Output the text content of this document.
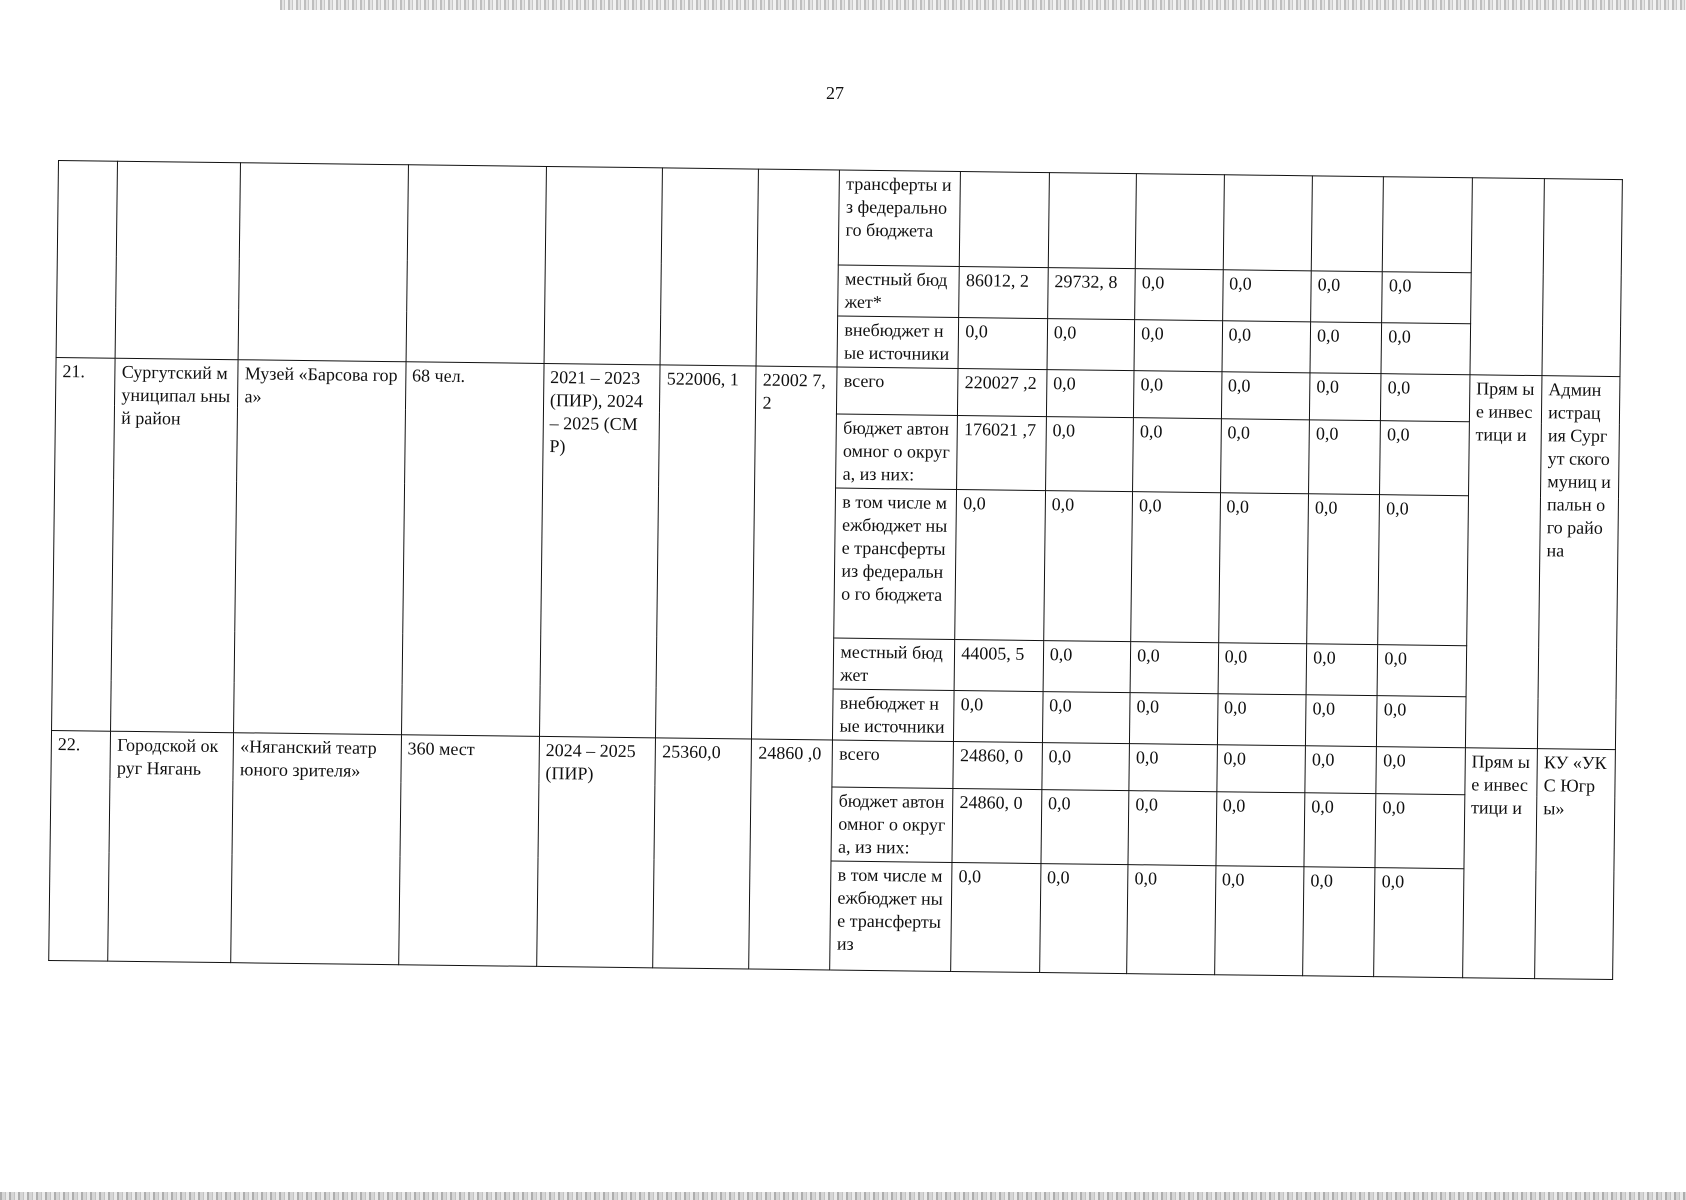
27
							трансферты из федерально го бюджета								
							местный бюджет*	86012, 2	29732, 8	0,0	0,0	0,0	0,0		
							внебюджет ные источники	0,0	0,0	0,0	0,0	0,0	0,0		
21.	Сургутский муниципал ьный район	Музей «Барсова гора»	68 чел.	2021 – 2023 (ПИР), 2024 – 2025 (СМР)	522006, 1	22002 7,2	всего	220027 ,2	0,0	0,0	0,0	0,0	0,0	Прям ые инвес тици и	Админ истрац ия Сургут ского муниц ипальн ого района
							бюджет автономног о округа, из них:	176021 ,7	0,0	0,0	0,0	0,0	0,0		
							в том числе межбюджет ные трансферты из федерально го бюджета	0,0	0,0	0,0	0,0	0,0	0,0		
							местный бюджет	44005, 5	0,0	0,0	0,0	0,0	0,0		
							внебюджет ные источники	0,0	0,0	0,0	0,0	0,0	0,0		
22.	Городской округ Нягань	«Няганский театр юного зрителя»	360 мест	2024 – 2025 (ПИР)	25360,0	24860 ,0	всего	24860, 0	0,0	0,0	0,0	0,0	0,0	Прям ые инвес тици и	КУ «УКС Югры»
							бюджет автономног о округа, из них:	24860, 0	0,0	0,0	0,0	0,0	0,0		
							в том числе межбюджет ные трансферты из	0,0	0,0	0,0	0,0	0,0	0,0		
